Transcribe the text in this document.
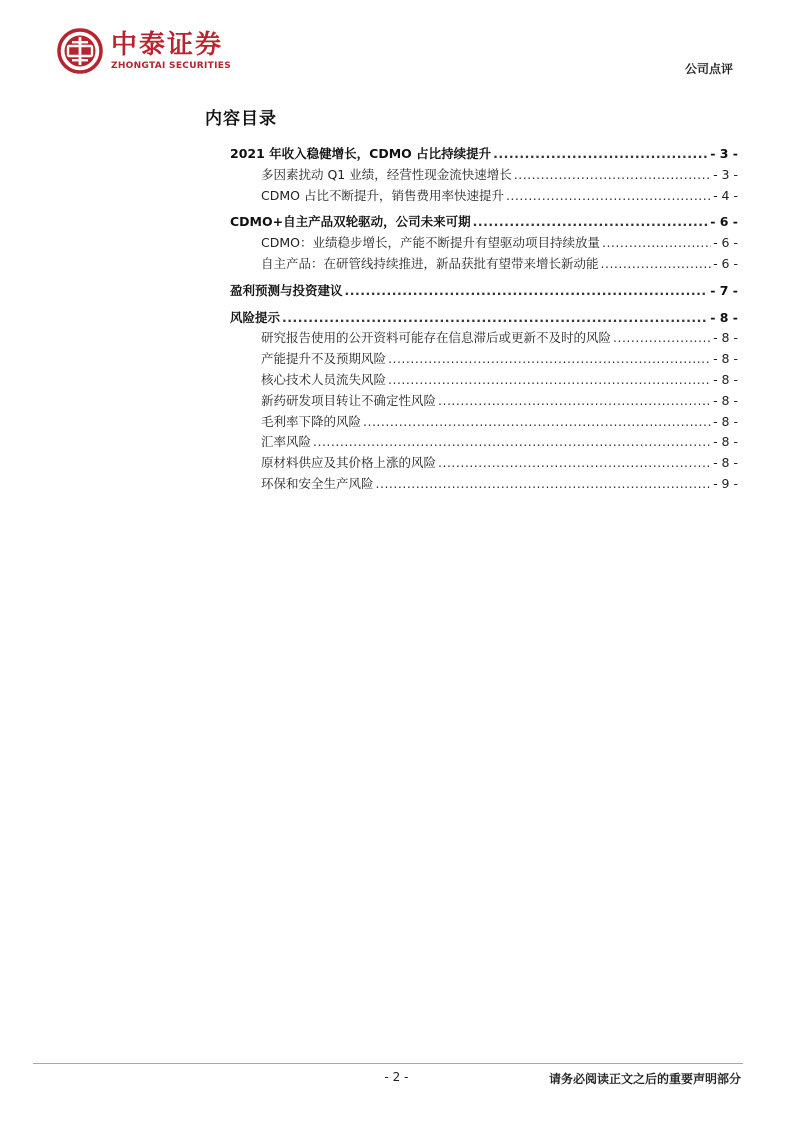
中泰证券
ZHONGTAI SECURITIES	公司点评
内容目录
2021 年收入稳健增长，CDMO 占比持续提升 .....	- 3 -
多因素扰动 Q1 业绩，经营性现金流快速增长 .....	- 3 -
CDMO 占比不断提升，销售费用率快速提升 .....	- 4 -
CDMO+自主产品双轮驱动，公司未来可期 .....	- 6 -
CDMO：业绩稳步增长，产能不断提升有望驱动项目持续放量 .....	- 6 -
自主产品：在研管线持续推进，新品获批有望带来增长新动能 .....	- 6 -
盈利预测与投资建议 .....	- 7 -
风险提示 .....	- 8 -
研究报告使用的公开资料可能存在信息滞后或更新不及时的风险 .....	- 8 -
产能提升不及预期风险 .....	- 8 -
核心技术人员流失风险 .....	- 8 -
新药研发项目转让不确定性风险 .....	- 8 -
毛利率下降的风险 .....	- 8 -
汇率风险 .....	- 8 -
原材料供应及其价格上涨的风险 .....	- 8 -
环保和安全生产风险 .....	- 9 -
- 2 -	请务必阅读正文之后的重要声明部分
